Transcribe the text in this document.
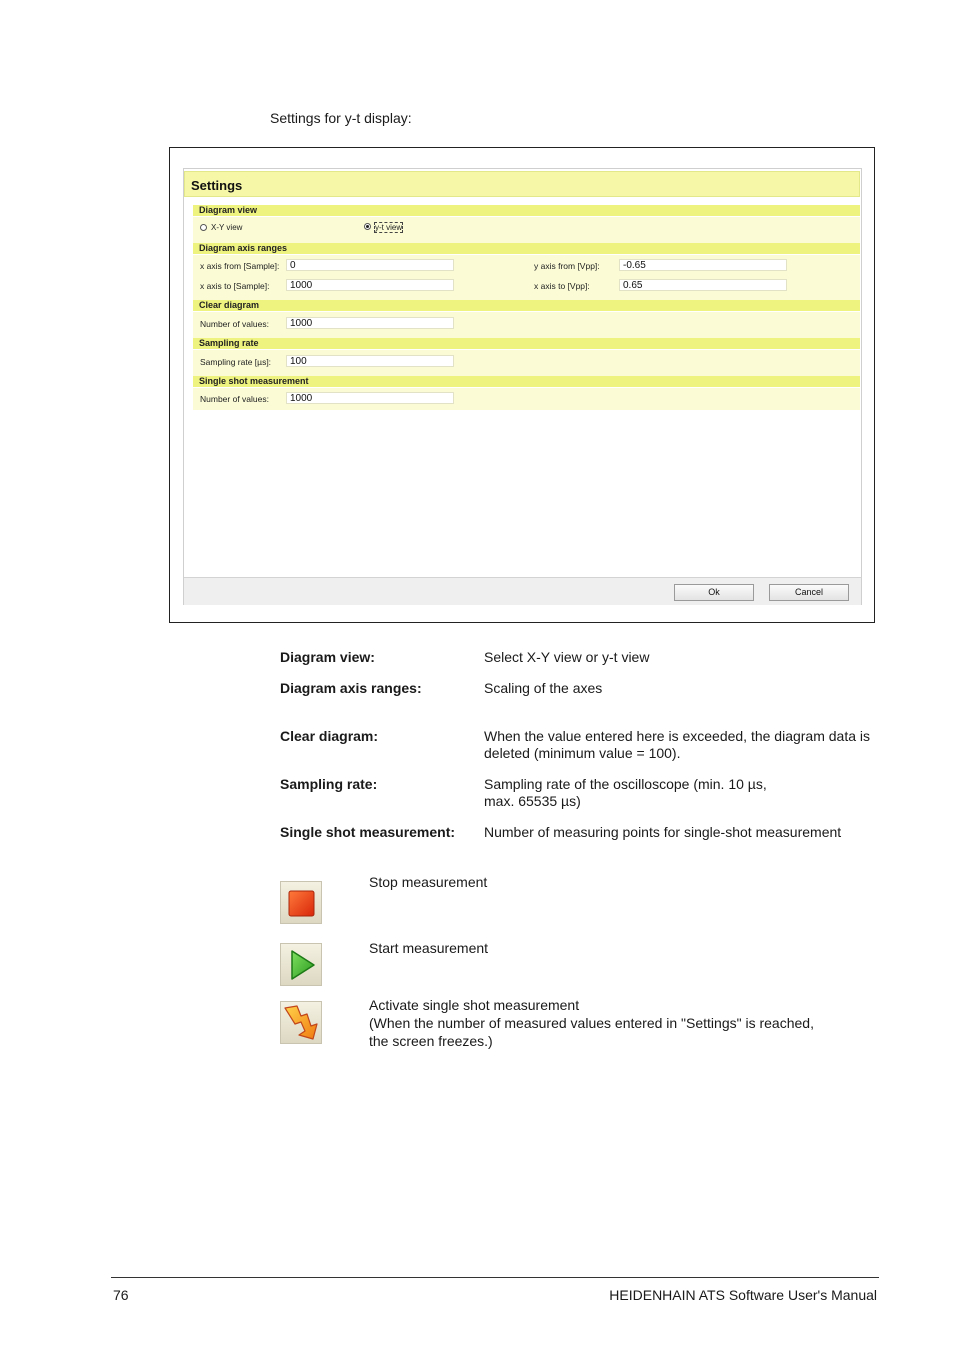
Settings for y-t display:
Settings
Diagram view
X-Y view	y-t view
Diagram axis ranges
x axis from [Sample]:	0
x axis to [Sample]:	1000
y axis from [Vpp]:	-0.65
x axis to [Vpp]:	0.65
Clear diagram
Number of values:	1000
Sampling rate
Sampling rate [µs]:	100
Single shot measurement
Number of values:	1000
Ok	Cancel
Diagram view:	Select X-Y view or y-t view
Diagram axis ranges:	Scaling of the axes
Clear diagram:	When the value entered here is exceeded, the diagram data is deleted (minimum value = 100).
Sampling rate:	Sampling rate of the oscilloscope (min. 10 µs,
max. 65535 µs)
Single shot measurement: Number of measuring points for single-shot measurement
Stop measurement
Start measurement
Activate single shot measurement
(When the number of measured values entered in "Settings" is reached,
the screen freezes.)
76	HEIDENHAIN ATS Software User's Manual
